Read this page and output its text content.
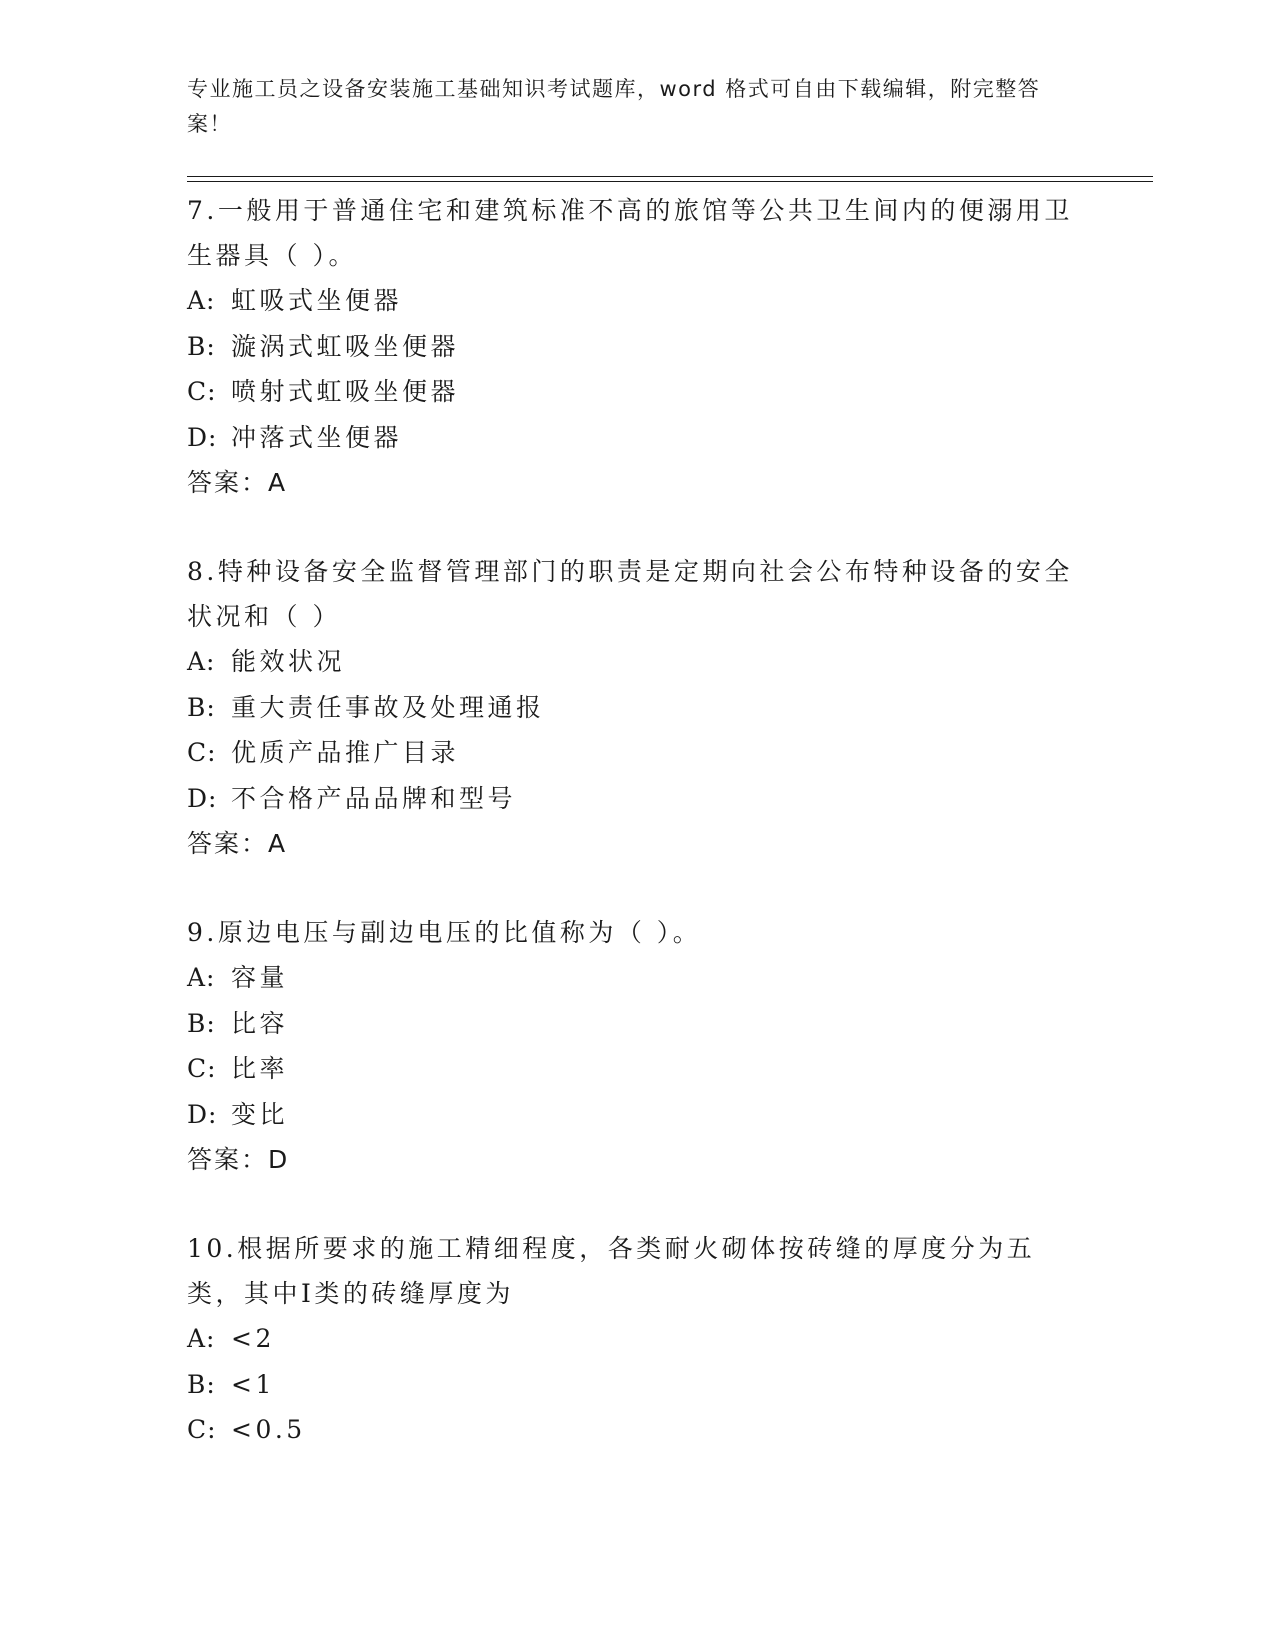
专业施工员之设备安装施工基础知识考试题库，word 格式可自由下载编辑，附完整答案！

7.一般用于普通住宅和建筑标准不高的旅馆等公共卫生间内的便溺用卫生器具（ ）。

A: 虹吸式坐便器

B: 漩涡式虹吸坐便器

C: 喷射式虹吸坐便器

D: 冲落式坐便器

答案：A

8.特种设备安全监督管理部门的职责是定期向社会公布特种设备的安全状况和（ ）

A: 能效状况

B: 重大责任事故及处理通报

C: 优质产品推广目录

D: 不合格产品品牌和型号

答案：A

9.原边电压与副边电压的比值称为（ ）。

A: 容量

B: 比容

C: 比率

D: 变比

答案：D

10.根据所要求的施工精细程度，各类耐火砌体按砖缝的厚度分为五类，其中Ⅰ类的砖缝厚度为

A: <2

B: <1

C: <0.5
